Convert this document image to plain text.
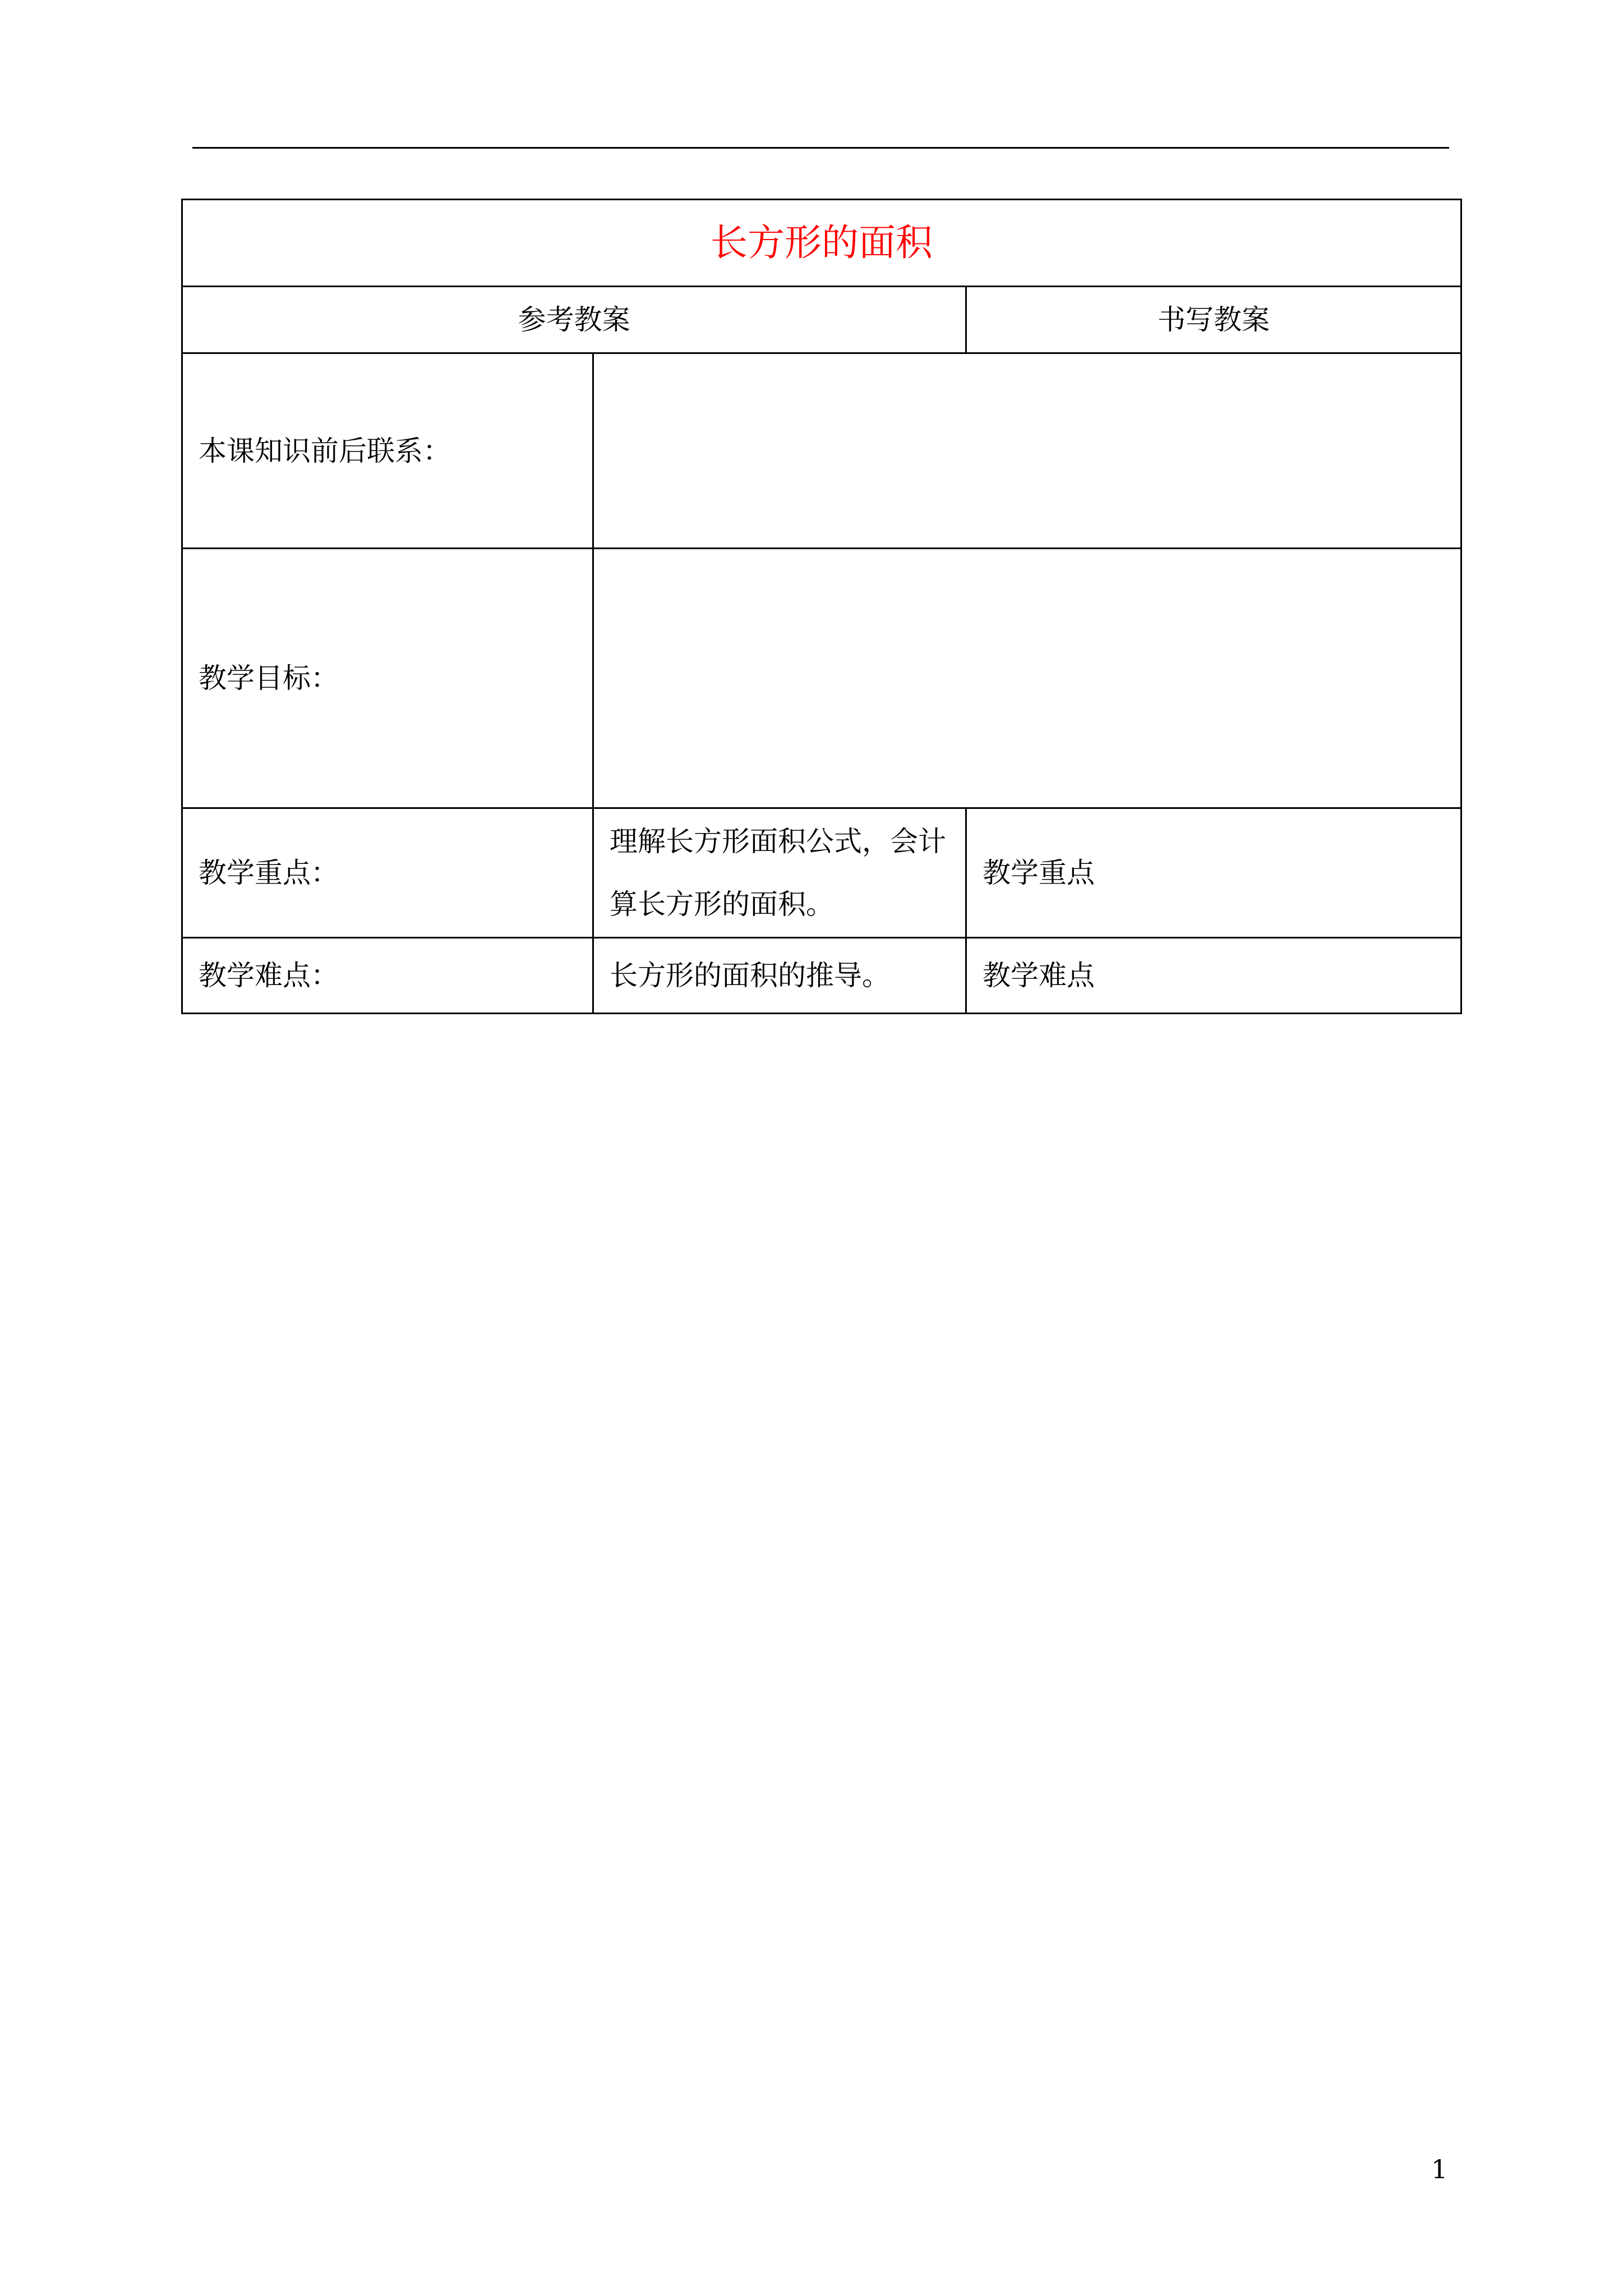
长方形的面积		
参考教案		书写教案
本课知识前后联系：		
教学目标：		
教学重点：	理解长方形面积公式，会计算长方形的面积。	教学重点
教学难点：	长方形的面积的推导。	教学难点
1
